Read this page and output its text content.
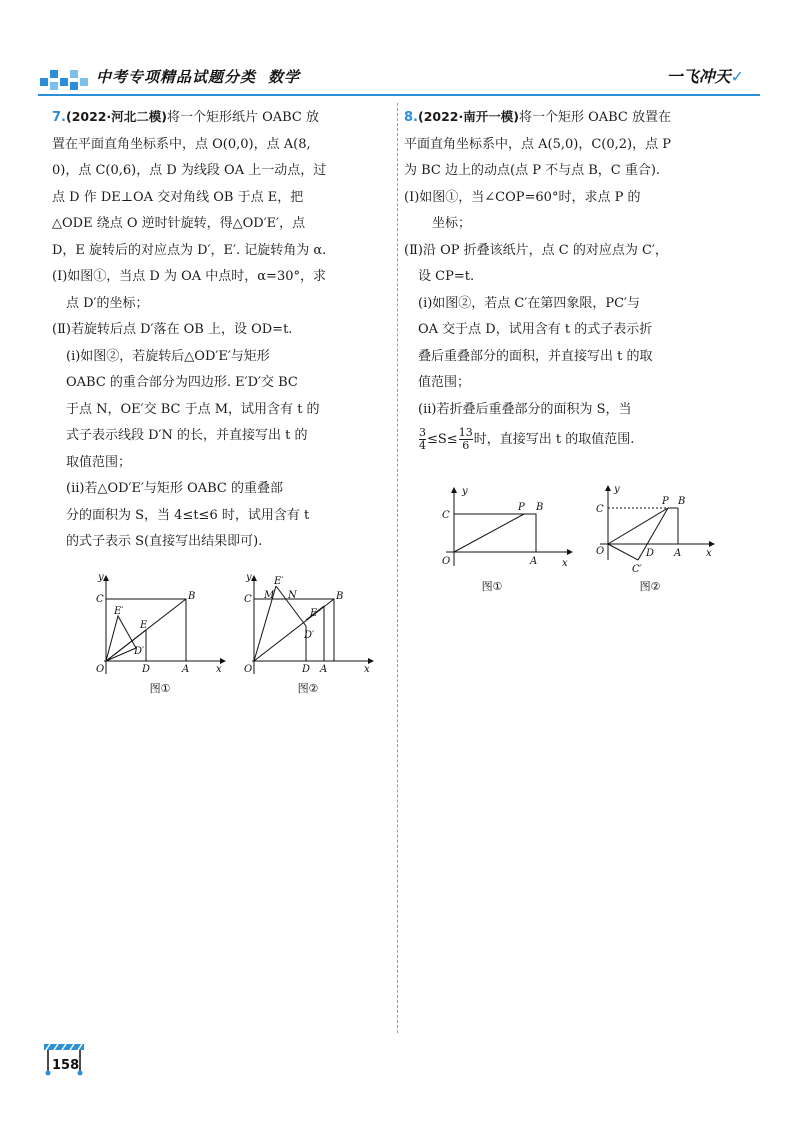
中考专项精品试题分类 数学	一飞冲天✓

7.(2022·河北二模)将一个矩形纸片 OABC 放

置在平面直角坐标系中，点 O(0,0)，点 A(8,

0)，点 C(0,6)，点 D 为线段 OA 上一动点，过

点 D 作 DE⊥OA 交对角线 OB 于点 E，把

△ODE 绕点 O 逆时针旋转，得△OD′E′，点

D，E 旋转后的对应点为 D′，E′. 记旋转角为 α.

(Ⅰ)如图①，当点 D 为 OA 中点时，α=30°，求

点 D′的坐标；

(Ⅱ)若旋转后点 D′落在 OB 上，设 OD=t.

(ⅰ)如图②，若旋转后△OD′E′与矩形

OABC 的重合部分为四边形. E′D′交 BC

于点 N，OE′交 BC 于点 M，试用含有 t 的

式子表示线段 D′N 的长，并直接写出 t 的

取值范围；

(ⅱ)若△OD′E′与矩形 OABC 的重叠部

分的面积为 S，当 4≤t≤6 时，试用含有 t

的式子表示 S(直接写出结果即可).

y
x
O	A
B
C
D
E
E′
D′
图①
y
x
O	A
D
B
C M N
E′
E
D′
图②

8.(2022·南开一模)将一个矩形 OABC 放置在

平面直角坐标系中，点 A(5,0)，C(0,2)，点 P

为 BC 边上的动点(点 P 不与点 B，C 重合).

(Ⅰ)如图①，当∠COP=60°时，求点 P 的

坐标；

(Ⅱ)沿 OP 折叠该纸片，点 C 的对应点为 C′，

设 CP=t.

(ⅰ)如图②，若点 C′在第四象限，PC′与

OA 交于点 D，试用含有 t 的式子表示折

叠后重叠部分的面积，并直接写出 t 的取

值范围；

(ⅱ)若折叠后重叠部分的面积为 S，当

$\frac{3}{4} \le S\le \frac{13}{6}$ 时，直接写出 t 的取值范围.

y
x
O	A
B
C
P
图①
y
x
O	A
B
C
P
D
C′
图②
158
